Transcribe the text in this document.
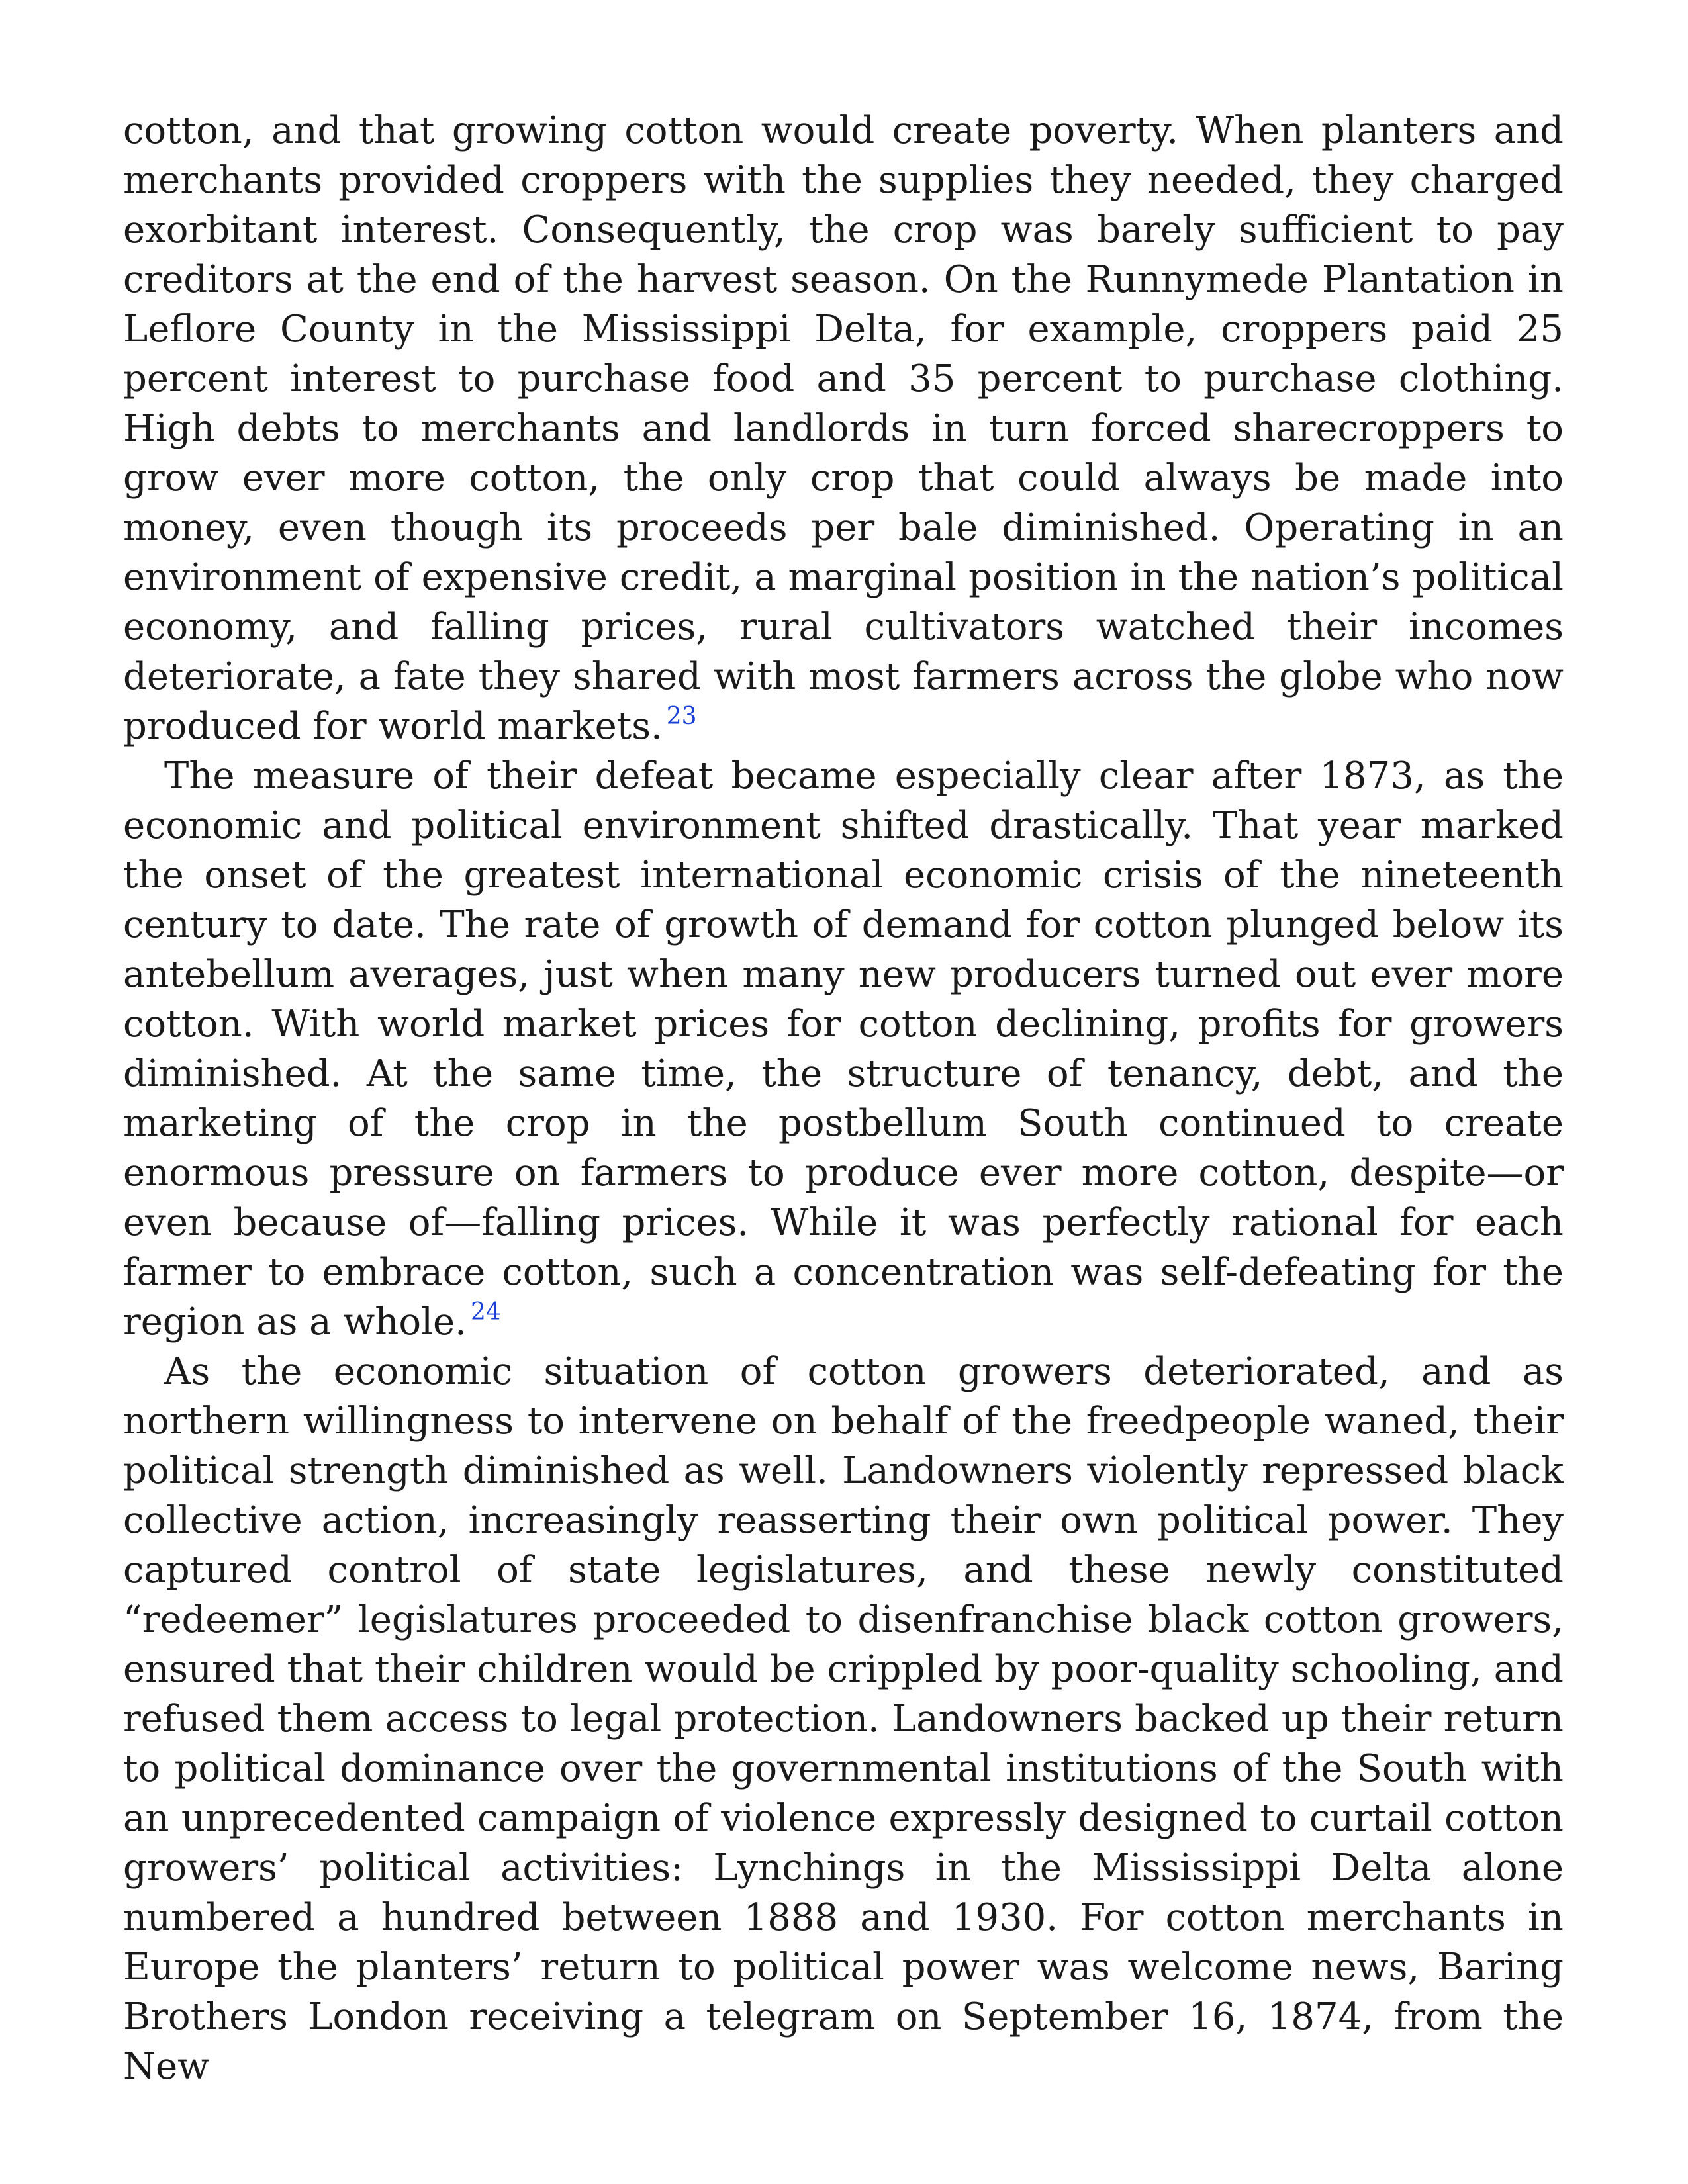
cotton, and that growing cotton would create poverty. When planters and merchants provided croppers with the supplies they needed, they charged exorbitant interest. Consequently, the crop was barely sufficient to pay creditors at the end of the harvest season. On the Runnymede Plantation in Leflore County in the Mississippi Delta, for example, croppers paid 25 percent interest to purchase food and 35 percent to purchase clothing. High debts to merchants and landlords in turn forced sharecroppers to grow ever more cotton, the only crop that could always be made into money, even though its proceeds per bale diminished. Operating in an environment of expensive credit, a marginal position in the nation’s political economy, and falling prices, rural cultivators watched their incomes deteriorate, a fate they shared with most farmers across the globe who now produced for world markets. $^{23}$

The measure of their defeat became especially clear after 1873, as the economic and political environment shifted drastically. That year marked the onset of the greatest international economic crisis of the nineteenth century to date. The rate of growth of demand for cotton plunged below its antebellum averages, just when many new producers turned out ever more cotton. With world market prices for cotton declining, profits for growers diminished. At the same time, the structure of tenancy, debt, and the marketing of the crop in the postbellum South continued to create enormous pressure on farmers to produce ever more cotton, despite—or even because of—falling prices. While it was perfectly rational for each farmer to embrace cotton, such a concentration was self-defeating for the region as a whole. $^{24}$

As the economic situation of cotton growers deteriorated, and as northern willingness to intervene on behalf of the freedpeople waned, their political strength diminished as well. Landowners violently repressed black collective action, increasingly reasserting their own political power. They captured control of state legislatures, and these newly constituted “redeemer” legislatures proceeded to disenfranchise black cotton growers, ensured that their children would be crippled by poor-quality schooling, and refused them access to legal protection. Landowners backed up their return to political dominance over the governmental institutions of the South with an unprecedented campaign of violence expressly designed to curtail cotton growers’ political activities: Lynchings in the Mississippi Delta alone numbered a hundred between 1888 and 1930. For cotton merchants in Europe the planters’ return to political power was welcome news, Baring Brothers London receiving a telegram on September 16, 1874, from the New
